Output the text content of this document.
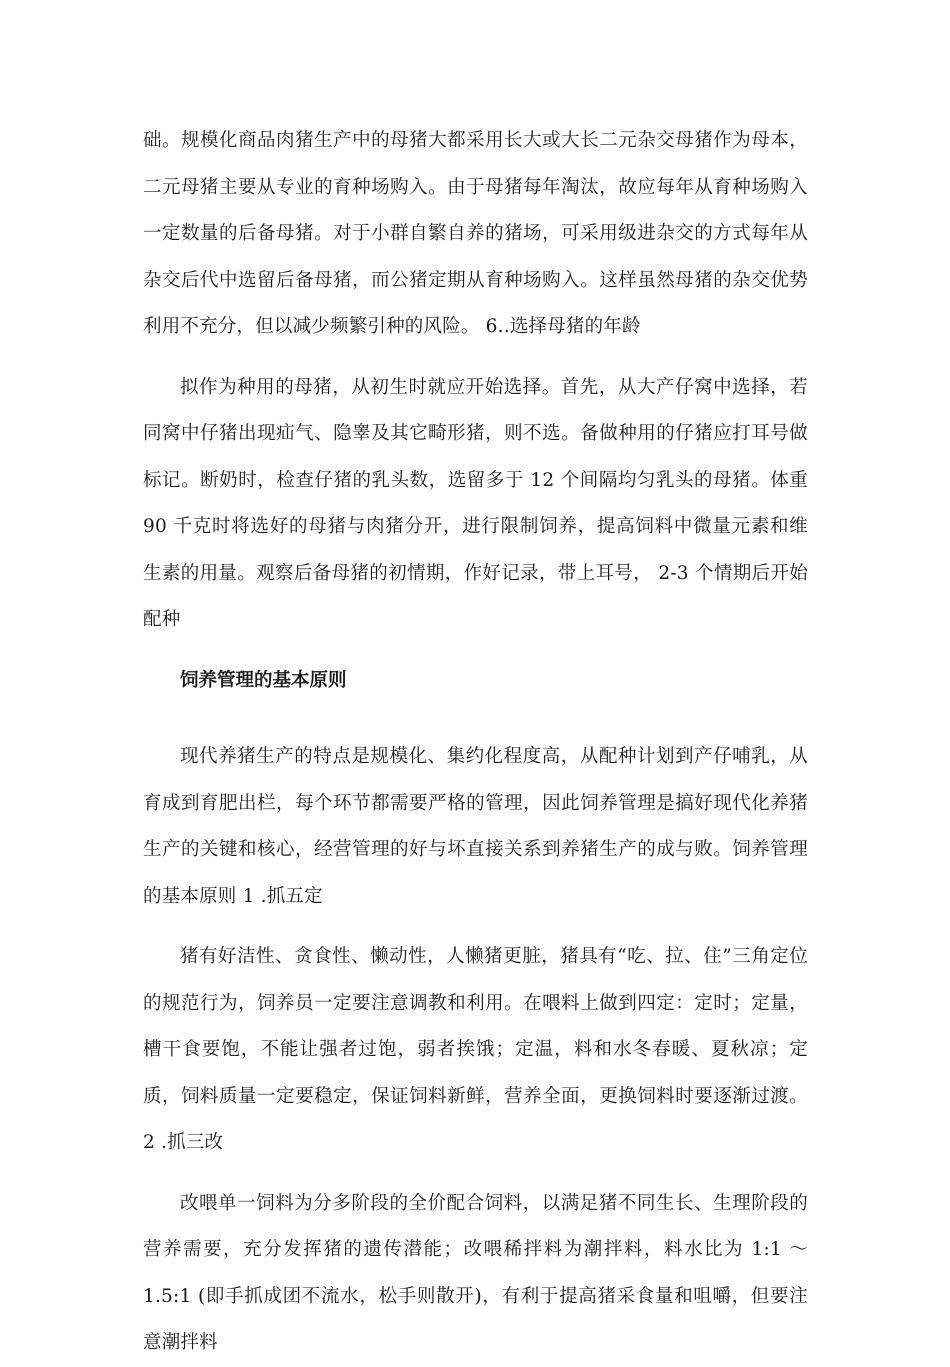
础。规模化商品肉猪生产中的母猪大都采用长大或大长二元杂交母猪作为母本，二元母猪主要从专业的育种场购入。由于母猪每年淘汰，故应每年从育种场购入一定数量的后备母猪。对于小群自繁自养的猪场，可采用级进杂交的方式每年从杂交后代中选留后备母猪，而公猪定期从育种场购入。这样虽然母猪的杂交优势利用不充分，但以减少频繁引种的风险。 6..选择母猪的年龄

拟作为种用的母猪，从初生时就应开始选择。首先，从大产仔窝中选择，若同窝中仔猪出现疝气、隐睾及其它畸形猪，则不选。备做种用的仔猪应打耳号做标记。断奶时，检查仔猪的乳头数，选留多于 12 个间隔均匀乳头的母猪。体重 90 千克时将选好的母猪与肉猪分开，进行限制饲养，提高饲料中微量元素和维生素的用量。观察后备母猪的初情期，作好记录，带上耳号， 2-3 个情期后开始配种

饲养管理的基本原则

现代养猪生产的特点是规模化、集约化程度高，从配种计划到产仔哺乳，从育成到育肥出栏，每个环节都需要严格的管理，因此饲养管理是搞好现代化养猪生产的关键和核心，经营管理的好与坏直接关系到养猪生产的成与败。饲养管理的基本原则 1 .抓五定

猪有好洁性、贪食性、懒动性，人懒猪更脏，猪具有“吃、拉、住”三角定位的规范行为，饲养员一定要注意调教和利用。在喂料上做到四定：定时；定量，槽干食要饱，不能让强者过饱，弱者挨饿；定温，料和水冬春暖、夏秋凉；定质，饲料质量一定要稳定，保证饲料新鲜，营养全面，更换饲料时要逐渐过渡。 2 .抓三改

改喂单一饲料为分多阶段的全价配合饲料，以满足猪不同生长、生理阶段的营养需要，充分发挥猪的遗传潜能；改喂稀拌料为潮拌料，料水比为 1:1 ～ 1.5:1 (即手抓成团不流水，松手则散开)，有利于提高猪采食量和咀嚼，但要注意潮拌料
